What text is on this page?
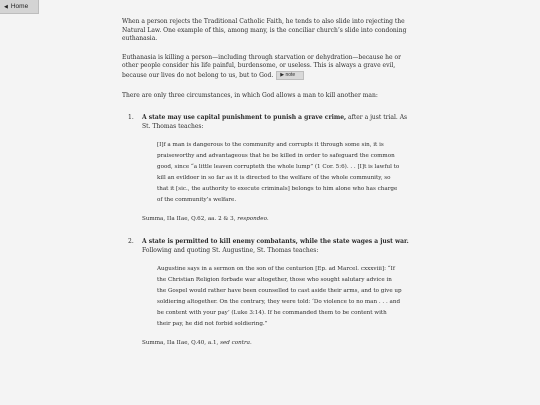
◀ Home

When a person rejects the Traditional Catholic Faith, he tends to also slide into rejecting the Natural Law. One example of this, among many, is the conciliar church’s slide into condoning euthanasia.

Euthanasia is killing a person—including through starvation or dehydration—because he or other people consider his life painful, burdensome, or useless. This is always a grave evil, because our lives do not belong to us, but to God. ▶ note

There are only three circumstances, in which God allows a man to kill another man:

1. A state may use capital punishment to punish a grave crime, after a just trial. As St. Thomas teaches:
[I]f a man is dangerous to the community and corrupts it through some sin, it is praiseworthy and advantageous that he be killed in order to safeguard the common good, since “a little leaven corrupteth the whole lump” (1 Cor. 5:6). . . [I]t is lawful to kill an evildoer in so far as it is directed to the welfare of the whole community, so that it [sic., the authority to execute criminals] belongs to him alone who has charge of the community’s welfare.
Summa, IIa IIae, Q.62, aa. 2 & 3, respondeo.
2. A state is permitted to kill enemy combatants, while the state wages a just war. Following and quoting St. Augustine, St. Thomas teaches:
Augustine says in a sermon on the son of the centurion [Ep. ad Marcel. cxxxviii]: “If the Christian Religion forbade war altogether, those who sought salutary advice in the Gospel would rather have been counselled to cast aside their arms, and to give up soldiering altogether. On the contrary, they were told: ‘Do violence to no man . . . and be content with your pay’ (Luke 3:14). If he commanded them to be content with their pay, he did not forbid soldiering.”
Summa, IIa IIae, Q.40, a.1, sed contra.
